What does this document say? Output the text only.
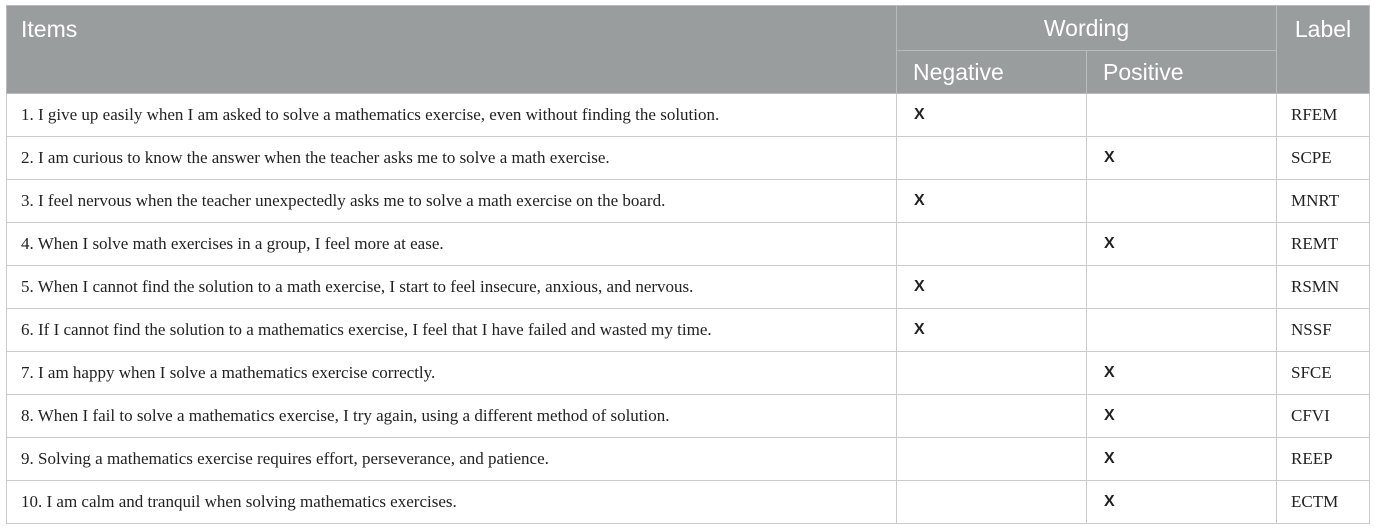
Items	Wording		Label
	Negative	Positive	
1. I give up easily when I am asked to solve a mathematics exercise, even without finding the solution.	X		RFEM
2. I am curious to know the answer when the teacher asks me to solve a math exercise.		X	SCPE
3. I feel nervous when the teacher unexpectedly asks me to solve a math exercise on the board.	X		MNRT
4. When I solve math exercises in a group, I feel more at ease.		X	REMT
5. When I cannot find the solution to a math exercise, I start to feel insecure, anxious, and nervous.	X		RSMN
6. If I cannot find the solution to a mathematics exercise, I feel that I have failed and wasted my time.	X		NSSF
7. I am happy when I solve a mathematics exercise correctly.		X	SFCE
8. When I fail to solve a mathematics exercise, I try again, using a different method of solution.		X	CFVI
9. Solving a mathematics exercise requires effort, perseverance, and patience.		X	REEP
10. I am calm and tranquil when solving mathematics exercises.		X	ECTM
